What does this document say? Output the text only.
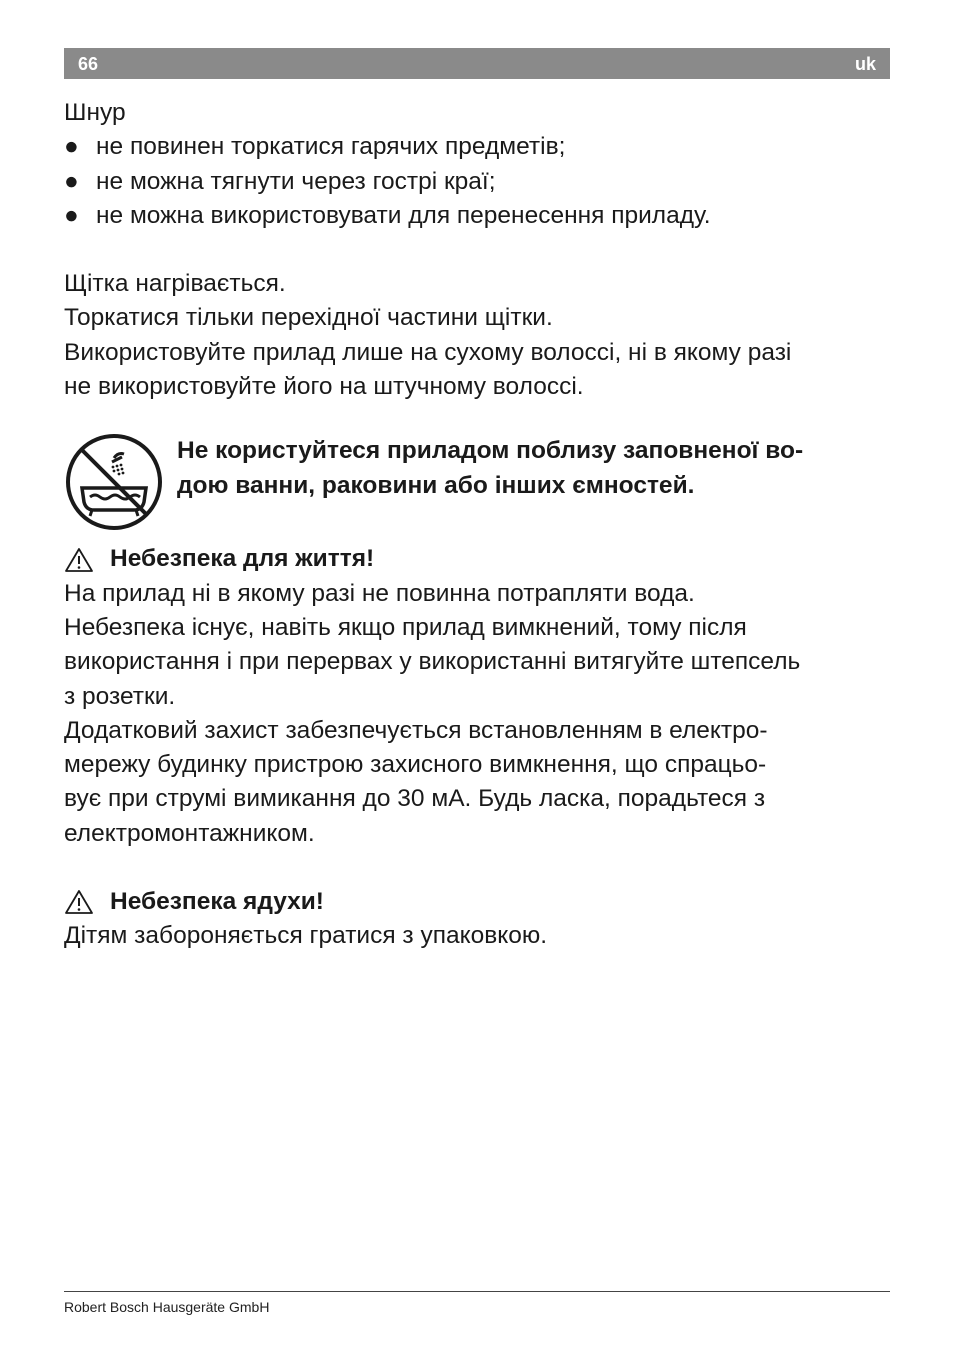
66	uk

Шнур

● не повинен торкатися гарячих предметів;
● не можна тягнути через гострі краї;
● не можна використовувати для перенесення приладу.

Щітка нагрівається.

Торкатися тільки перехідної частини щітки.

Використовуйте прилад лише на сухому волоссі, ні в якому разі

не використовуйте його на штучному волоссі.

Не користуйтеся приладом поблизу заповненої во-

дою ванни, раковини або інших ємностей.

Небезпека для життя!

На прилад ні в якому разі не повинна потрапляти вода.

Небезпека існує, навіть якщо прилад вимкнений, тому після

використання і при перервах у використанні витягуйте штепсель

з розетки.

Додатковий захист забезпечується встановленням в електро-

мережу будинку пристрою захисного вимкнення, що спрацьо-

вує при струмі вимикання до 30 мА. Будь ласка, порадьтеся з

електромонтажником.

Небезпека ядухи!

Дітям забороняється гратися з упаковкою.

Robert Bosch Hausgeräte GmbH
